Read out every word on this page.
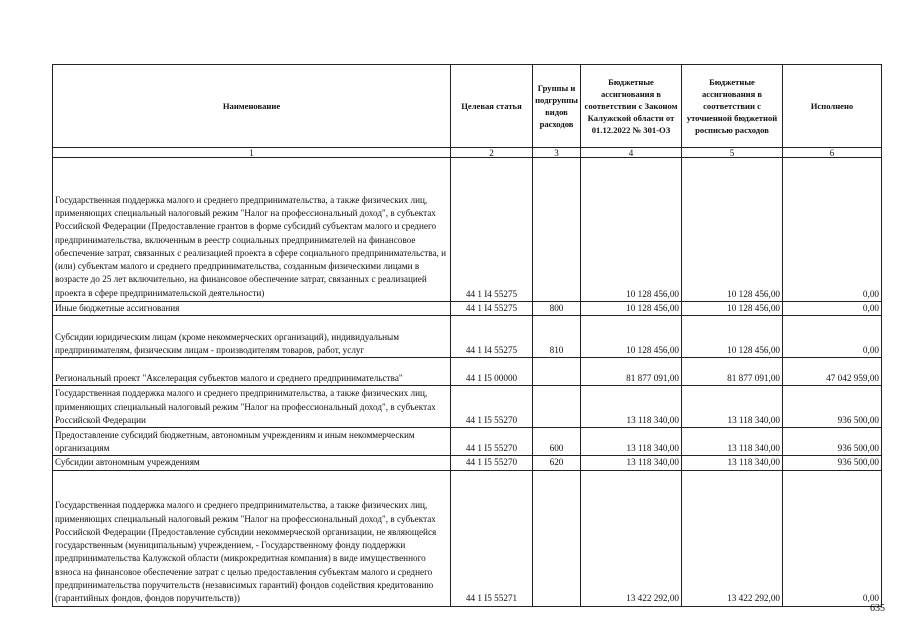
Наименование	Целевая статья	Группы и подгруппы видов расходов	Бюджетные ассигнования в соответствии с Законом Калужской области от 01.12.2022 № 301-ОЗ	Бюджетные ассигнования в соответствии с уточненной бюджетной росписью расходов	Исполнено
1	2	3	4	5	6
Государственная поддержка малого и среднего предпринимательства, а также физических лиц, применяющих специальный налоговый режим "Налог на профессиональный доход", в субъектах Российской Федерации (Предоставление грантов в форме субсидий субъектам малого и среднего предпринимательства, включенным в реестр социальных предпринимателей на финансовое обеспечение затрат, связанных с реализацией проекта в сфере социального предпринимательства, и (или) субъектам малого и среднего предпринимательства, созданным физическими лицами в возрасте до 25 лет включительно, на финансовое обеспечение затрат, связанных с реализацией проекта в сфере предпринимательской деятельности)	44 1 I4 55275		10 128 456,00	10 128 456,00	0,00
Иные бюджетные ассигнования	44 1 I4 55275	800	10 128 456,00	10 128 456,00	0,00
Субсидии юридическим лицам (кроме некоммерческих организаций), индивидуальным предпринимателям, физическим лицам - производителям товаров, работ, услуг	44 1 I4 55275	810	10 128 456,00	10 128 456,00	0,00
Региональный проект "Акселерация субъектов малого и среднего предпринимательства"	44 1 I5 00000		81 877 091,00	81 877 091,00	47 042 959,00
Государственная поддержка малого и среднего предпринимательства, а также физических лиц, применяющих специальный налоговый режим "Налог на профессиональный доход", в субъектах Российской Федерации	44 1 I5 55270		13 118 340,00	13 118 340,00	936 500,00
Предоставление субсидий бюджетным, автономным учреждениям и иным некоммерческим организациям	44 1 I5 55270	600	13 118 340,00	13 118 340,00	936 500,00
Субсидии автономным учреждениям	44 1 I5 55270	620	13 118 340,00	13 118 340,00	936 500,00
Государственная поддержка малого и среднего предпринимательства, а также физических лиц, применяющих специальный налоговый режим "Налог на профессиональный доход", в субъектах Российской Федерации (Предоставление субсидии некоммерческой организации, не являющейся государственным (муниципальным) учреждением, - Государственному фонду поддержки предпринимательства Калужской области (микрокредитная компания) в виде имущественного взноса на финансовое обеспечение затрат с целью предоставления субъектам малого и среднего предпринимательства поручительств (независимых гарантий) фондов содействия кредитованию (гарантийных фондов, фондов поручительств))	44 1 I5 55271		13 422 292,00	13 422 292,00	0,00
635
